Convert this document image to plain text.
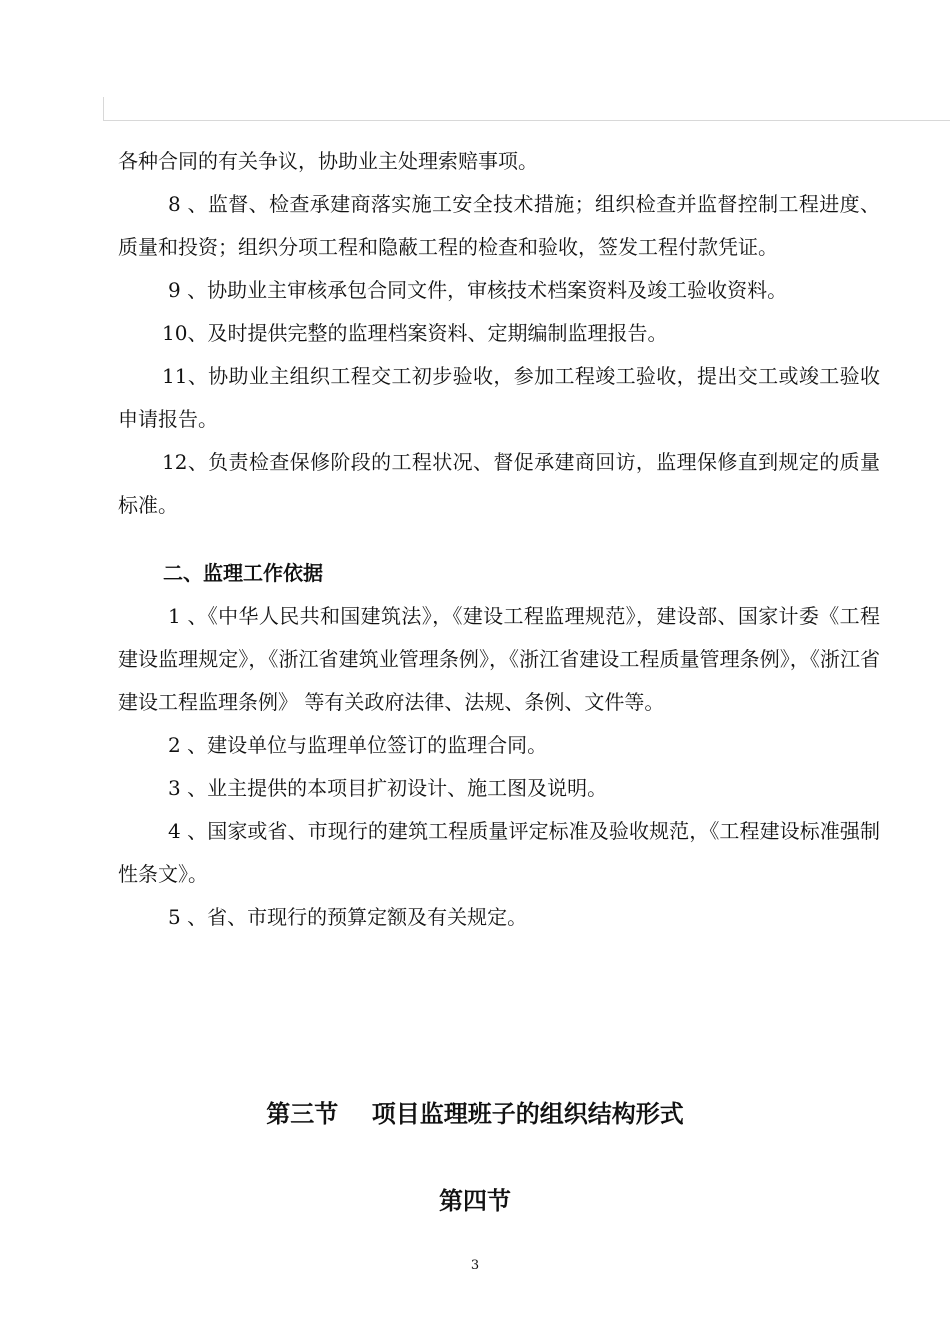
各种合同的有关争议，协助业主处理索赔事项。

8 、监督、检查承建商落实施工安全技术措施；组织检查并监督控制工程进度、质量和投资；组织分项工程和隐蔽工程的检查和验收，签发工程付款凭证。

9 、协助业主审核承包合同文件，审核技术档案资料及竣工验收资料。

10、及时提供完整的监理档案资料、定期编制监理报告。

11、协助业主组织工程交工初步验收，参加工程竣工验收，提出交工或竣工验收申请报告。

12、负责检查保修阶段的工程状况、督促承建商回访，监理保修直到规定的质量标准。

二、监理工作依据

1 、《中华人民共和国建筑法》，《建设工程监理规范》，建设部、国家计委《工程建设监理规定》，《浙江省建筑业管理条例》，《浙江省建设工程质量管理条例》，《浙江省建设工程监理条例》 等有关政府法律、法规、条例、文件等。

2 、建设单位与监理单位签订的监理合同。

3 、业主提供的本项目扩初设计、施工图及说明。

4 、国家或省、市现行的建筑工程质量评定标准及验收规范，《工程建设标准强制性条文》。

5 、省、市现行的预算定额及有关规定。

第三节    项目监理班子的组织结构形式

第四节

3
